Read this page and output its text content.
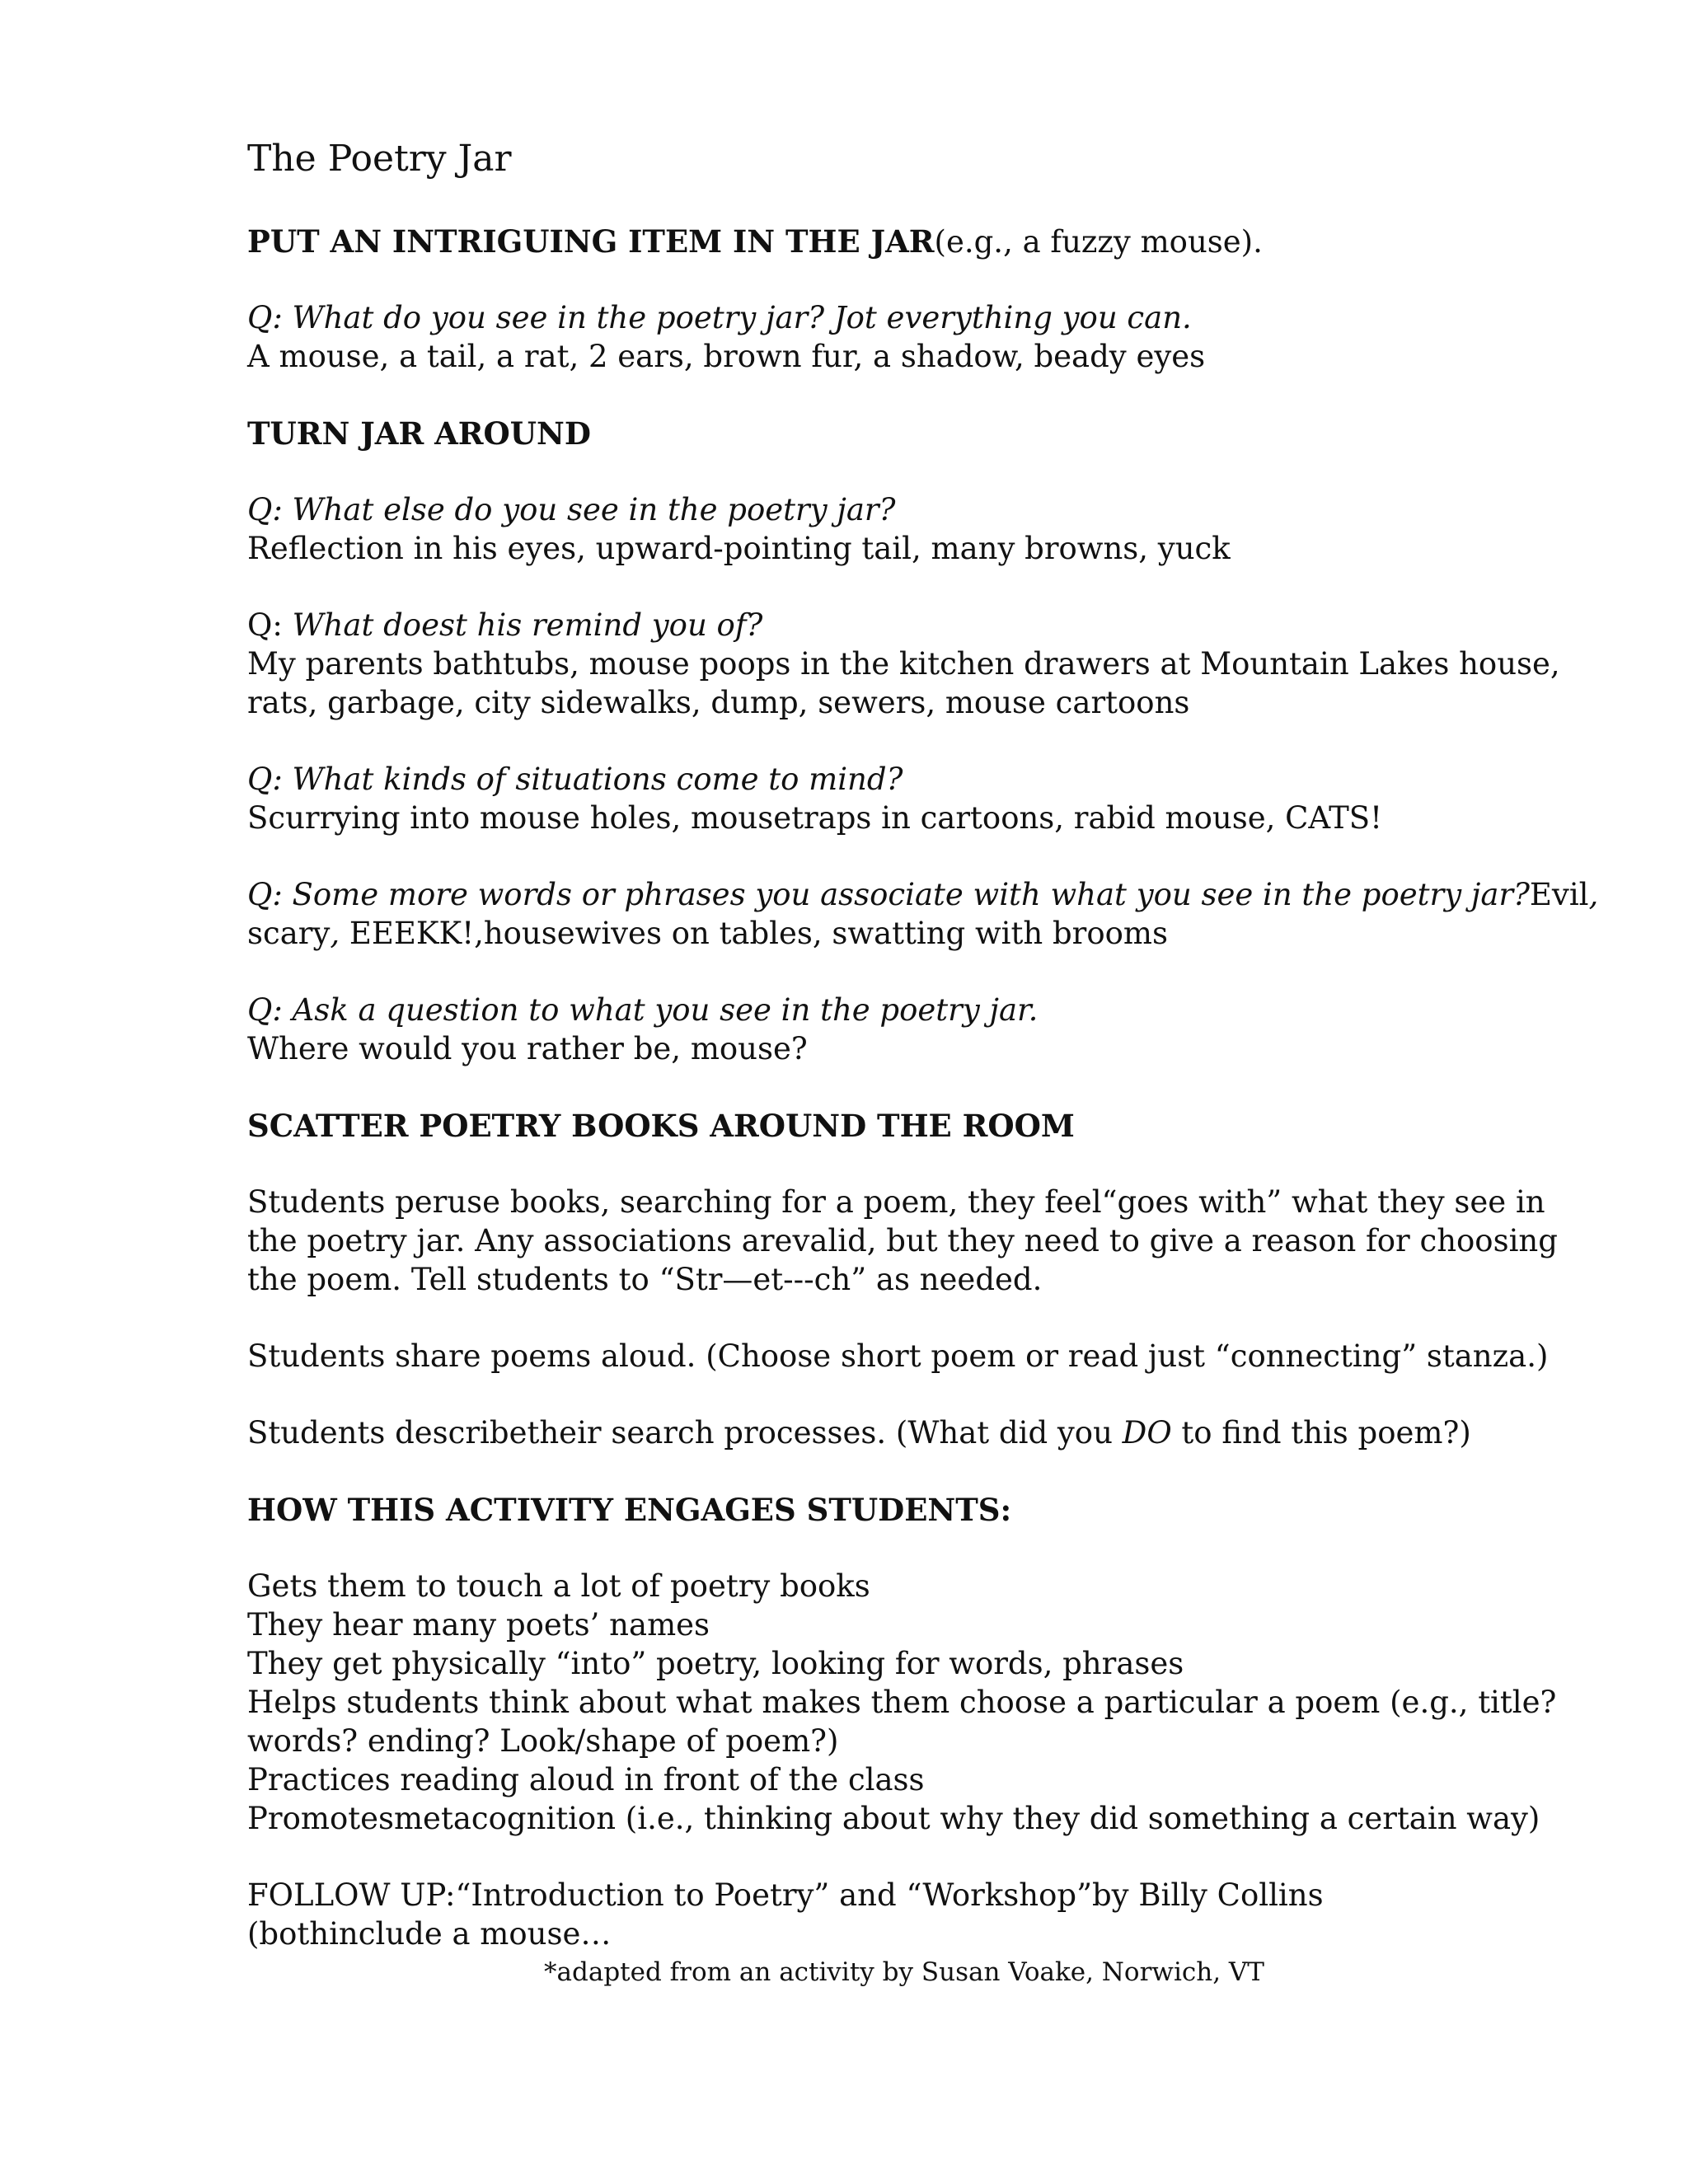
The Poetry Jar
PUT AN INTRIGUING ITEM IN THE JAR(e.g., a fuzzy mouse).
Q: What do you see in the poetry jar? Jot everything you can.
A mouse, a tail, a rat, 2 ears, brown fur, a shadow, beady eyes
TURN JAR AROUND
Q: What else do you see in the poetry jar?
Reflection in his eyes, upward-pointing tail, many browns, yuck
Q: What doest his remind you of?
My parents bathtubs, mouse poops in the kitchen drawers at Mountain Lakes house,
rats, garbage, city sidewalks, dump, sewers, mouse cartoons
Q: What kinds of situations come to mind?
Scurrying into mouse holes, mousetraps in cartoons, rabid mouse, CATS!
Q: Some more words or phrases you associate with what you see in the poetry jar?Evil,
scary, EEEKK!,housewives on tables, swatting with brooms
Q: Ask a question to what you see in the poetry jar.
Where would you rather be, mouse?
SCATTER POETRY BOOKS AROUND THE ROOM
Students peruse books, searching for a poem, they feel“goes with” what they see in
the poetry jar. Any associations arevalid, but they need to give a reason for choosing
the poem. Tell students to “Str—et---ch” as needed.
Students share poems aloud. (Choose short poem or read just “connecting” stanza.)
Students describetheir search processes. (What did you DO to find this poem?)
HOW THIS ACTIVITY ENGAGES STUDENTS:
Gets them to touch a lot of poetry books
They hear many poets’ names
They get physically “into” poetry, looking for words, phrases
Helps students think about what makes them choose a particular a poem (e.g., title?
words? ending? Look/shape of poem?)
Practices reading aloud in front of the class
Promotesmetacognition (i.e., thinking about why they did something a certain way)
FOLLOW UP:“Introduction to Poetry” and “Workshop”by Billy Collins
(bothinclude a mouse…
*adapted from an activity by Susan Voake, Norwich, VT
